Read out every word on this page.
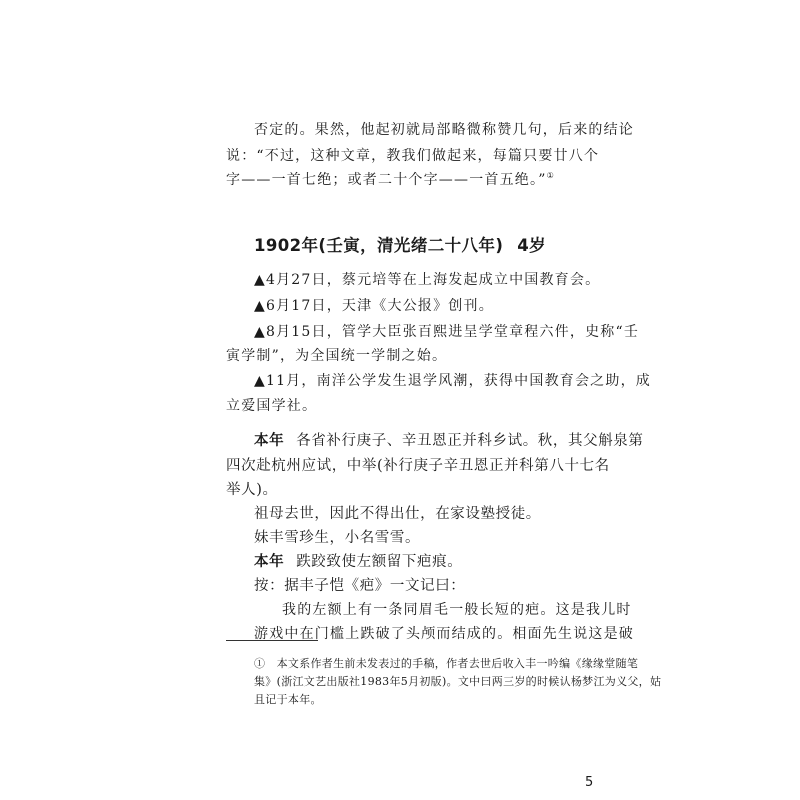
否定的。果然，他起初就局部略微称赞几句，后来的结论
说：“不过，这种文章，教我们做起来，每篇只要廿八个
字——一首七绝；或者二十个字——一首五绝。”①
1902年(壬寅，清光绪二十八年) 4岁
▲4月27日，蔡元培等在上海发起成立中国教育会。
▲6月17日，天津《大公报》创刊。
▲8月15日，管学大臣张百熙进呈学堂章程六件，史称“壬
寅学制”，为全国统一学制之始。
▲11月，南洋公学发生退学风潮，获得中国教育会之助，成
立爱国学社。
本年 各省补行庚子、辛丑恩正并科乡试。秋，其父斛泉第
四次赴杭州应试，中举(补行庚子辛丑恩正并科第八十七名
举人)。
祖母去世，因此不得出仕，在家设塾授徒。
妹丰雪珍生，小名雪雪。
本年 跌跤致使左额留下疤痕。
按：据丰子恺《疤》一文记曰：
我的左额上有一条同眉毛一般长短的疤。这是我儿时
游戏中在门槛上跌破了头颅而结成的。相面先生说这是破
①　本文系作者生前未发表过的手稿，作者去世后收入丰一吟编《缘缘堂随笔
集》(浙江文艺出版社1983年5月初版)。文中曰两三岁的时候认杨梦江为义父，姑
且记于本年。
5
